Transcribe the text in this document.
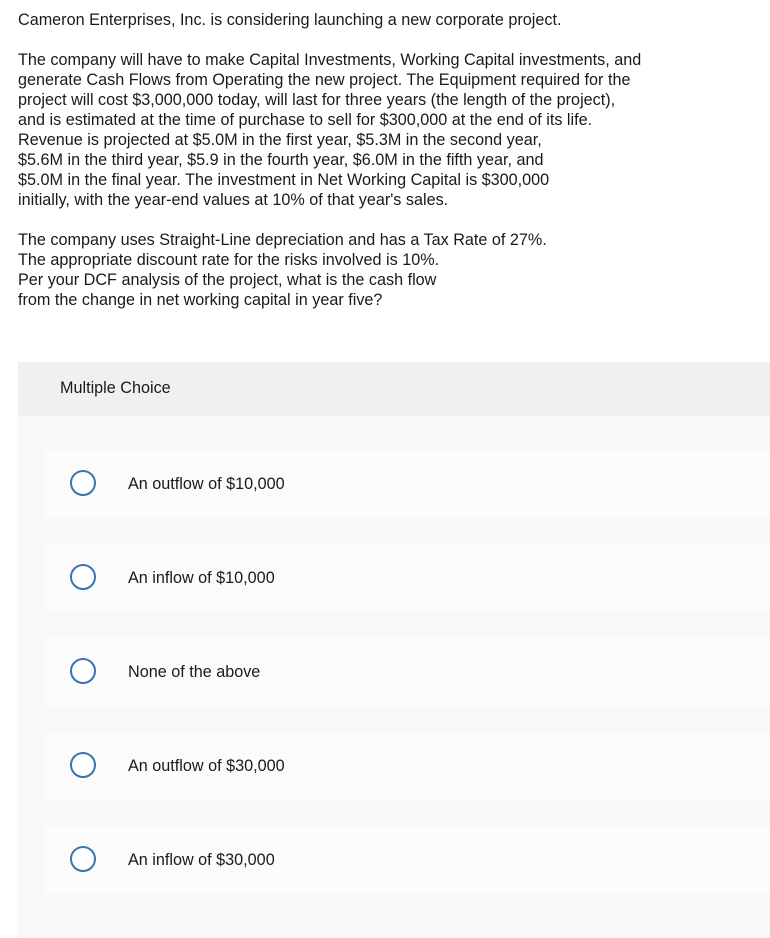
Cameron Enterprises, Inc. is considering launching a new corporate project.

The company will have to make Capital Investments, Working Capital investments, and
generate Cash Flows from Operating the new project. The Equipment required for the
project will cost $3,000,000 today, will last for three years (the length of the project),
and is estimated at the time of purchase to sell for $300,000 at the end of its life.
Revenue is projected at $5.0M in the first year, $5.3M in the second year,
$5.6M in the third year, $5.9 in the fourth year, $6.0M in the fifth year, and
$5.0M in the final year. The investment in Net Working Capital is $300,000
initially, with the year-end values at 10% of that year's sales.

The company uses Straight-Line depreciation and has a Tax Rate of 27%.
The appropriate discount rate for the risks involved is 10%.
Per your DCF analysis of the project, what is the cash flow
from the change in net working capital in year five?

Multiple Choice
An outflow of $10,000
An inflow of $10,000
None of the above
An outflow of $30,000
An inflow of $30,000
